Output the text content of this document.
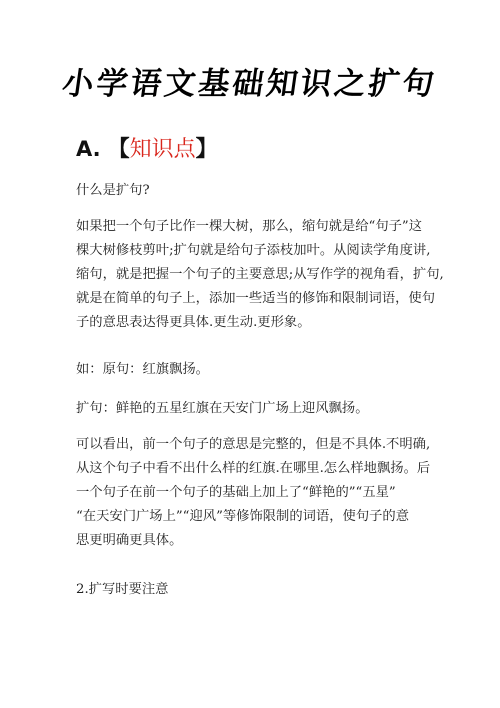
小学语文基础知识之扩句
A. 【知识点】

什么是扩句?

如果把一个句子比作一棵大树，那么，缩句就是给“句子”这
棵大树修枝剪叶;扩句就是给句子添枝加叶。从阅读学角度讲,
缩句，就是把握一个句子的主要意思;从写作学的视角看，扩句,
就是在简单的句子上，添加一些适当的修饰和限制词语，使句
子的意思表达得更具体.更生动.更形象。

如：原句：红旗飘扬。

扩句：鲜艳的五星红旗在天安门广场上迎风飘扬。

可以看出，前一个句子的意思是完整的，但是不具体.不明确,
从这个句子中看不出什么样的红旗.在哪里.怎么样地飘扬。后
一个句子在前一个句子的基础上加上了“鲜艳的”“五星”
“在天安门广场上”“迎风”等修饰限制的词语，使句子的意
思更明确更具体。

2.扩写时要注意
